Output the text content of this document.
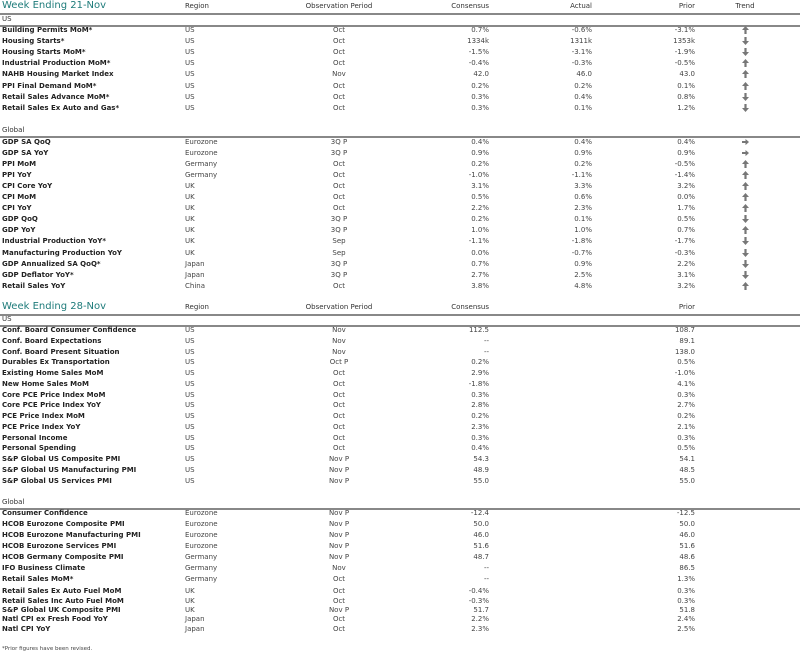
Week Ending 21-Nov	Region	Observation Period	Consensus	Actual	Prior	Trend
US
Building Permits MoM*	US	Oct	0.7%	-0.6%	-3.1%
Housing Starts*	US	Oct	1334k	1311k	1353k
Housing Starts MoM*	US	Oct	-1.5%	-3.1%	-1.9%
Industrial Production MoM*	US	Oct	-0.4%	-0.3%	-0.5%
NAHB Housing Market Index	US	Nov	42.0	46.0	43.0
PPI Final Demand MoM*	US	Oct	0.2%	0.2%	0.1%
Retail Sales Advance MoM*	US	Oct	0.3%	0.4%	0.8%
Retail Sales Ex Auto and Gas*	US	Oct	0.3%	0.1%	1.2%
Global
GDP SA QoQ	Eurozone	3Q P	0.4%	0.4%	0.4%
GDP SA YoY	Eurozone	3Q P	0.9%	0.9%	0.9%
PPI MoM	Germany	Oct	0.2%	0.2%	-0.5%
PPI YoY	Germany	Oct	-1.0%	-1.1%	-1.4%
CPI Core YoY	UK	Oct	3.1%	3.3%	3.2%
CPI MoM	UK	Oct	0.5%	0.6%	0.0%
CPI YoY	UK	Oct	2.2%	2.3%	1.7%
GDP QoQ	UK	3Q P	0.2%	0.1%	0.5%
GDP YoY	UK	3Q P	1.0%	1.0%	0.7%
Industrial Production YoY*	UK	Sep	-1.1%	-1.8%	-1.7%
Manufacturing Production YoY	UK	Sep	0.0%	-0.7%	-0.3%
GDP Annualized SA QoQ*	Japan	3Q P	0.7%	0.9%	2.2%
GDP Deflator YoY*	Japan	3Q P	2.7%	2.5%	3.1%
Retail Sales YoY	China	Oct	3.8%	4.8%	3.2%
Week Ending 28-Nov	Region	Observation Period	Consensus	Prior
US
Conf. Board Consumer Confidence	US	Nov	112.5	108.7
Conf. Board Expectations	US	Nov	--	89.1
Conf. Board Present Situation	US	Nov	--	138.0
Durables Ex Transportation	US	Oct P	0.2%	0.5%
Existing Home Sales MoM	US	Oct	2.9%	-1.0%
New Home Sales MoM	US	Oct	-1.8%	4.1%
Core PCE Price Index MoM	US	Oct	0.3%	0.3%
Core PCE Price Index YoY	US	Oct	2.8%	2.7%
PCE Price Index MoM	US	Oct	0.2%	0.2%
PCE Price Index YoY	US	Oct	2.3%	2.1%
Personal Income	US	Oct	0.3%	0.3%
Personal Spending	US	Oct	0.4%	0.5%
S&P Global US Composite PMI	US	Nov P	54.3	54.1
S&P Global US Manufacturing PMI	US	Nov P	48.9	48.5
S&P Global US Services PMI	US	Nov P	55.0	55.0
Global
Consumer Confidence	Eurozone	Nov P	-12.4	-12.5
HCOB Eurozone Composite PMI	Eurozone	Nov P	50.0	50.0
HCOB Eurozone Manufacturing PMI	Eurozone	Nov P	46.0	46.0
HCOB Eurozone Services PMI	Eurozone	Nov P	51.6	51.6
HCOB Germany Composite PMI	Germany	Nov P	48.7	48.6
IFO Business Climate	Germany	Nov	--	86.5
Retail Sales MoM*	Germany	Oct	--	1.3%
Retail Sales Ex Auto Fuel MoM	UK	Oct	-0.4%	0.3%
Retail Sales Inc Auto Fuel MoM	UK	Oct	-0.3%	0.3%
S&P Global UK Composite PMI	UK	Nov P	51.7	51.8
Natl CPI ex Fresh Food YoY	Japan	Oct	2.2%	2.4%
Natl CPI YoY	Japan	Oct	2.3%	2.5%
*Prior figures have been revised.
